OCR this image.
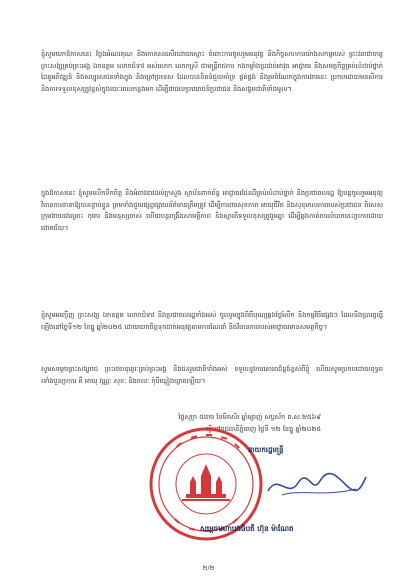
ខ្ញុំសូមយកឱកាសនេះ ថ្លែងអំណរគុណ និងកោតសរសើរដោយស្មោះ ចំពោះការចូលរួមអនុវត្ត និងកិច្ចសហការយ៉ាងសកម្មរបស់ ព្រះវររាជាចារ្យ ព្រះសង្ឃគ្រប់ព្រះអង្គ ឯកឧត្តម លោកជំទាវ អស់លោក លោកស្រី ជាមន្ត្រីរាជការ កងកម្លាំងប្រដាប់អាវុធ អាជ្ញាធរ និងសមត្ថកិច្ចគ្រប់លំដាប់ថ្នាក់ ដៃគូអភិវឌ្ឍន៍ និងសប្បុរសជនទាំងក្នុង និងក្រៅប្រទេស ដែលបានខិតខំជួយគាំទ្រ ផ្គត់ផ្គង់ និងរួមចំណែកក្នុងការងារនេះ ប្រកបដោយមនសិការ និងការទទួលខុសត្រូវខ្ពស់ក្នុងរយៈពេលកន្លងមក ដើម្បីជាផលប្រយោជន៍ប្រជាជន និងសង្គមជាតិទាំងមូល។

ក្នុងឱកាសនេះ ខ្ញុំសូមលើកទឹកចិត្ត និងអំពាវនាវដល់ក្រសួង ស្ថាប័នពាក់ព័ន្ធ អាជ្ញាធរដែនដីគ្រប់លំដាប់ថ្នាក់ និងប្រជាពលរដ្ឋ ឱ្យបន្តចូលរួមអនុវត្តវិធានការនានាឱ្យបានខ្ជាប់ខ្ជួន ព្រមទាំងជួយផ្សព្វផ្សាយព័ត៌មានត្រឹមត្រូវ ដើម្បីការពារសុខភាព អាយុជីវិត និងសុខុមាលភាពរបស់ប្រជាជន ពិសេសក្រុមងាយរងគ្រោះ កុមារ និងមនុស្សចាស់ ហើយបន្តពង្រឹងសាមគ្គីភាព និងស្មារតីទទួលខុសត្រូវរួមគ្នា ដើម្បីឆ្លងកាត់ការលំបាកនេះប្រកបដោយជោគជ័យ។

ខ្ញុំសូមអញ្ជើញ ព្រះសង្ឃ ឯកឧត្តម លោកជំទាវ និងប្រជាពលរដ្ឋទាំងអស់ ចូលរួមក្នុងពិធីបុណ្យឆ្លងថ្ងៃរំលឹក និងកម្មវិធីផ្សេងៗ ដែលនឹងប្រារព្ធធ្វើឡើងនៅថ្ងៃទី១២ ខែធ្នូ ឆ្នាំ២០២៥ ដោយយកចិត្តទុកដាក់អនុវត្តតាមការណែនាំ និងវិធានការរបស់អាជ្ញាធរមានសមត្ថកិច្ច។

សូមសម្ដេចព្រះសង្ឃរាជ ព្រះថេរានុត្ថេរៈគ្រប់ព្រះអង្គ និងជនរួមជាតិទាំងអស់ ទទួលនូវការគោរពដ៏ខ្ពង់ខ្ពស់ពីខ្ញុំ ហើយសូមប្រកបដោយពុទ្ធពរទាំងបួនប្រការ គឺ អាយុ វណ្ណៈ សុខៈ និងពលៈ កុំបីឃ្លៀងឃ្លាតឡើយ។

ថ្ងៃសុក្រ ៥រោច ខែមិគសិរ ឆ្នាំម្សាញ់ សប្តស័ក ព.ស.២៥៦៩
ធ្វើនៅរាជធានីភ្នំពេញ ថ្ងៃទី ១២ ខែធ្នូ ឆ្នាំ២០២៥
នាយករដ្ឋមន្ត្រី
សម្តេចមហាបវរធិបតី ហ៊ុន ម៉ាណែត
២/២
